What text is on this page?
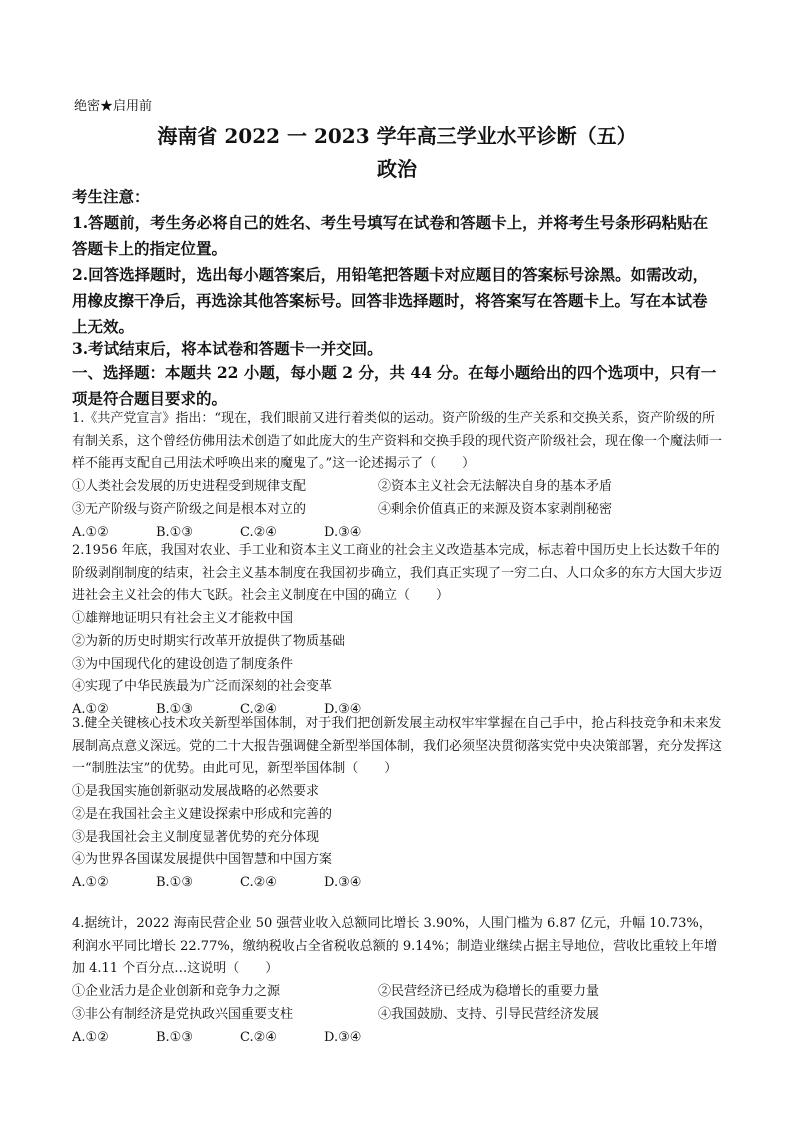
绝密★启用前
海南省 2022 一 2023 学年高三学业水平诊断（五）
政治
考生注意：
1.答题前，考生务必将自己的姓名、考生号填写在试卷和答题卡上，并将考生号条形码粘贴在答题卡上的指定位置。
2.回答选择题时，选出每小题答案后，用铅笔把答题卡对应题目的答案标号涂黑。如需改动，用橡皮擦干净后，再选涂其他答案标号。回答非选择题时，将答案写在答题卡上。写在本试卷上无效。
3.考试结束后，将本试卷和答题卡一并交回。
一、选择题：本题共 22 小题，每小题 2 分，共 44 分。在每小题给出的四个选项中，只有一项是符合题目要求的。
1.《共产党宣言》指出：“现在，我们眼前又进行着类似的运动。资产阶级的生产关系和交换关系，资产阶级的所有制关系，这个曾经仿佛用法术创造了如此庞大的生产资料和交换手段的现代资产阶级社会，现在像一个魔法师一样不能再支配自己用法术呼唤出来的魔鬼了。”这一论述揭示了（　　）
①人类社会发展的历史进程受到规律支配	②资本主义社会无法解决自身的基本矛盾
③无产阶级与资产阶级之间是根本对立的	④剩余价值真正的来源及资本家剥削秘密
A.①②	B.①③	C.②④	D.③④
2.1956 年底，我国对农业、手工业和资本主义工商业的社会主义改造基本完成，标志着中国历史上长达数千年的阶级剥削制度的结束，社会主义基本制度在我国初步确立，我们真正实现了一穷二白、人口众多的东方大国大步迈进社会主义社会的伟大飞跃。社会主义制度在中国的确立（　　）
①雄辩地证明只有社会主义才能救中国
②为新的历史时期实行改革开放提供了物质基础
③为中国现代化的建设创造了制度条件
④实现了中华民族最为广泛而深刻的社会变革
A.①②	B.①③	C.②④	D.③④
3.健全关键核心技术攻关新型举国体制，对于我们把创新发展主动权牢牢掌握在自己手中，抢占科技竞争和未来发展制高点意义深远。党的二十大报告强调健全新型举国体制，我们必须坚决贯彻落实党中央决策部署，充分发挥这一“制胜法宝”的优势。由此可见，新型举国体制（　　）
①是我国实施创新驱动发展战略的必然要求
②是在我国社会主义建设探索中形成和完善的
③是我国社会主义制度显著优势的充分体现
④为世界各国谋发展提供中国智慧和中国方案
A.①②	B.①③	C.②④	D.③④
4.据统计，2022 海南民营企业 50 强营业收入总额同比增长 3.90%，人围门槛为 6.87 亿元，升幅 10.73%，利润水平同比增长 22.77%，缴纳税收占全省税收总额的 9.14%；制造业继续占据主导地位，营收比重较上年增加 4.11 个百分点…这说明（　　）
①企业活力是企业创新和竞争力之源	②民营经济已经成为稳增长的重要力量
③非公有制经济是党执政兴国重要支柱	④我国鼓励、支持、引导民营经济发展
A.①②	B.①③	C.②④	D.③④
